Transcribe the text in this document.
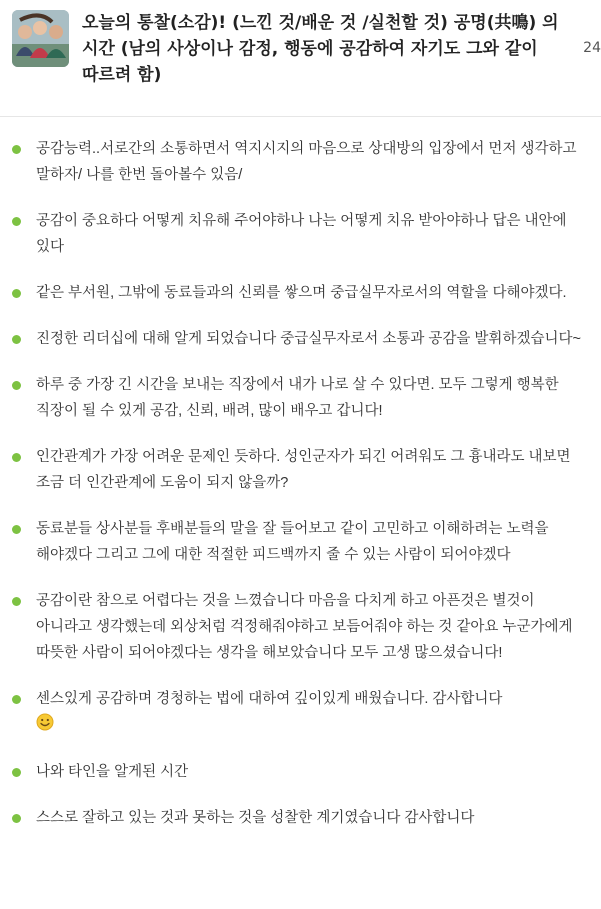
오늘의 통찰(소감)! (느낀 것/배운 것 /실천할 것) 공명(共鳴) 의 시간 (남의 사상이나 감정, 행동에 공감하여 자기도 그와 같이 따르려 함)
24
공감능력..서로간의 소통하면서 역지시지의 마음으로 상대방의 입장에서 먼저 생각하고 말하자/ 나를 한번 돌아볼수 있음/
공감이 중요하다 어떻게 치유해 주어야하나 나는 어떻게 치유 받아야하나 답은 내안에 있다
같은 부서원, 그밖에 동료들과의 신뢰를 쌓으며 중급실무자로서의 역할을 다해야겠다.
진정한 리더십에 대해 알게 되었습니다 중급실무자로서 소통과 공감을 발휘하겠습니다~
하루 중 가장 긴 시간을 보내는 직장에서 내가 나로 살 수 있다면. 모두 그렇게 행복한 직장이 될 수 있게 공감, 신뢰, 배려, 많이 배우고 갑니다!
인간관계가 가장 어려운 문제인 듯하다. 성인군자가 되긴 어려워도 그 흉내라도 내보면 조금 더 인간관계에 도움이 되지 않을까?
동료분들 상사분들 후배분들의 말을 잘 들어보고 같이 고민하고 이해하려는 노력을 해야겠다 그리고 그에 대한 적절한 피드백까지 줄 수 있는 사람이 되어야겠다
공감이란 참으로 어렵다는 것을 느꼈습니다 마음을 다치게 하고 아픈것은 별것이 아니라고 생각했는데 외상처럼 걱정해줘야하고 보듬어줘야 하는 것 같아요 누군가에게 따뜻한 사람이 되어야겠다는 생각을 해보았습니다 모두 고생 많으셨습니다!
센스있게 공감하며 경청하는 법에 대하여 깊이있게 배웠습니다. 감사합니다
나와 타인을 알게된 시간
스스로 잘하고 있는 것과 못하는 것을 성찰한 계기였습니다 감사합니다
